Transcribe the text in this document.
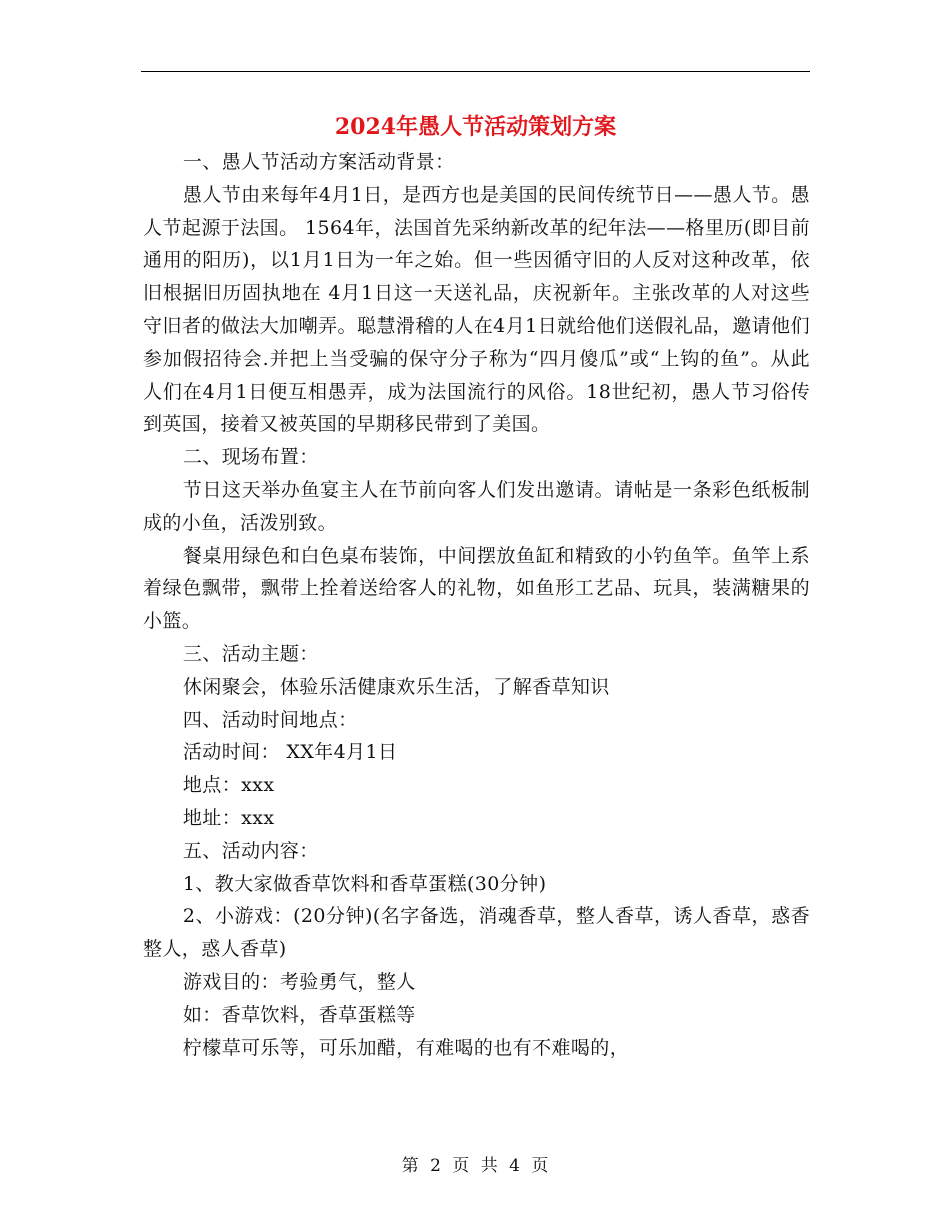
2024年愚人节活动策划方案

一、愚人节活动方案活动背景：

愚人节由来每年4月1日，是西方也是美国的民间传统节日——愚人节。愚人节起源于法国。 1564年，法国首先采纳新改革的纪年法——格里历(即目前通用的阳历)，以1月1日为一年之始。但一些因循守旧的人反对这种改革，依旧根据旧历固执地在 4月1日这一天送礼品，庆祝新年。主张改革的人对这些守旧者的做法大加嘲弄。聪慧滑稽的人在4月1日就给他们送假礼品，邀请他们参加假招待会.并把上当受骗的保守分子称为“四月傻瓜”或“上钩的鱼”。从此人们在4月1日便互相愚弄，成为法国流行的风俗。18世纪初，愚人节习俗传到英国，接着又被英国的早期移民带到了美国。

二、现场布置：

节日这天举办鱼宴主人在节前向客人们发出邀请。请帖是一条彩色纸板制成的小鱼，活泼别致。

餐桌用绿色和白色桌布装饰，中间摆放鱼缸和精致的小钓鱼竿。鱼竿上系着绿色飘带，飘带上拴着送给客人的礼物，如鱼形工艺品、玩具，装满糖果的小篮。

三、活动主题：

休闲聚会，体验乐活健康欢乐生活，了解香草知识

四、活动时间地点：

活动时间： XX年4月1日

地点：xxx

地址：xxx

五、活动内容：

1、教大家做香草饮料和香草蛋糕(30分钟)

2、小游戏：(20分钟)(名字备选，消魂香草，整人香草，诱人香草，惑香整人，惑人香草)

游戏目的：考验勇气，整人

如：香草饮料，香草蛋糕等

柠檬草可乐等，可乐加醋，有难喝的也有不难喝的，

第 2 页 共 4 页
